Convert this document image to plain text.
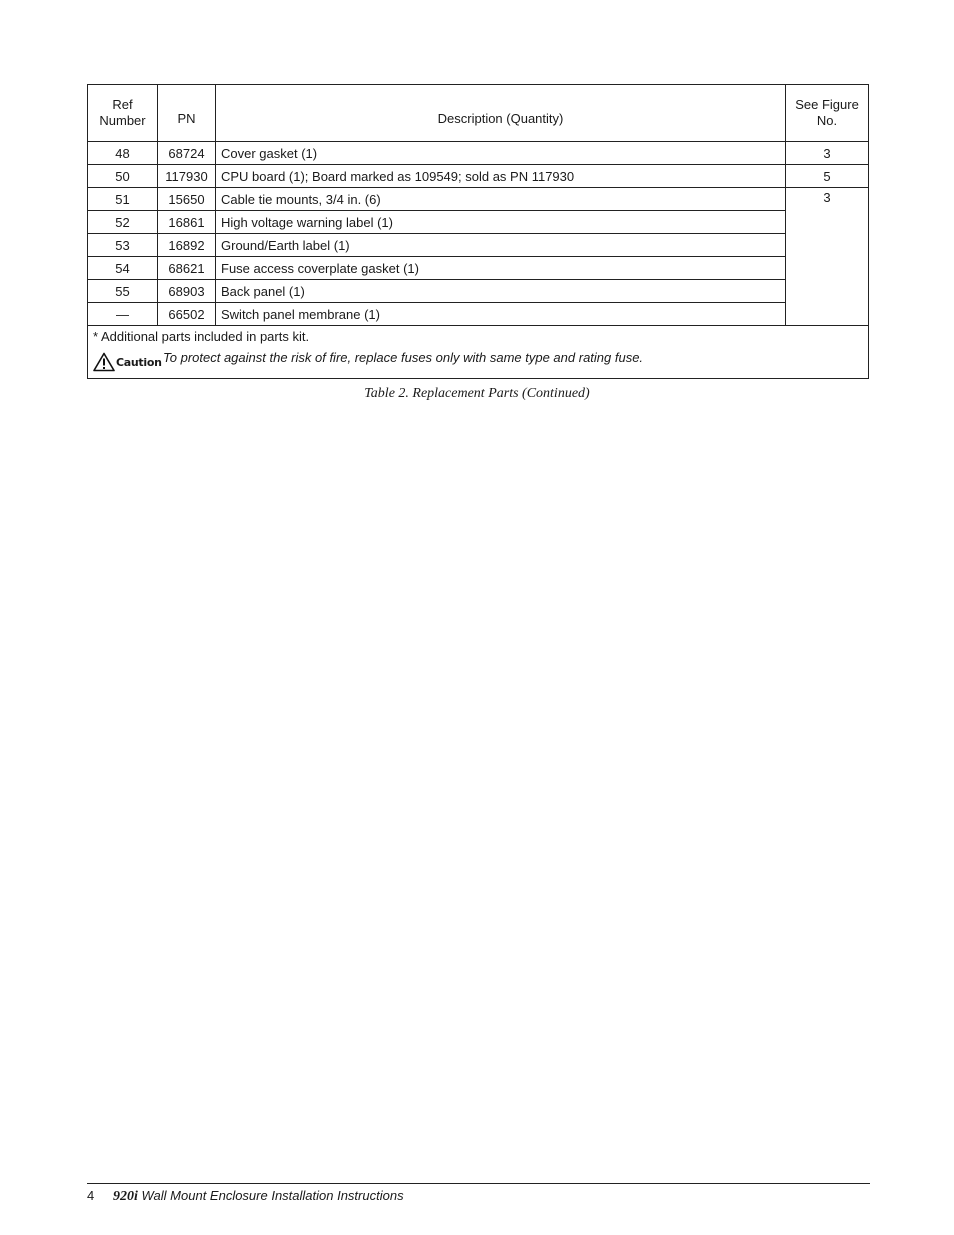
Ref
Number	PN	Description (Quantity)	See Figure
No.
48	68724	Cover gasket (1)	3
50	117930	CPU board (1); Board marked as 109549; sold as PN 117930	5
51	15650	Cable tie mounts, 3/4 in. (6)	3
52	16861	High voltage warning label (1)	
53	16892	Ground/Earth label (1)	
54	68621	Fuse access coverplate gasket (1)	
55	68903	Back panel (1)	
—	66502	Switch panel membrane (1)	

* Additional parts included in parts kit.
Caution To protect against the risk of fire, replace fuses only with same type and rating fuse.			
Table 2. Replacement Parts (Continued)
4 920i Wall Mount Enclosure Installation Instructions
